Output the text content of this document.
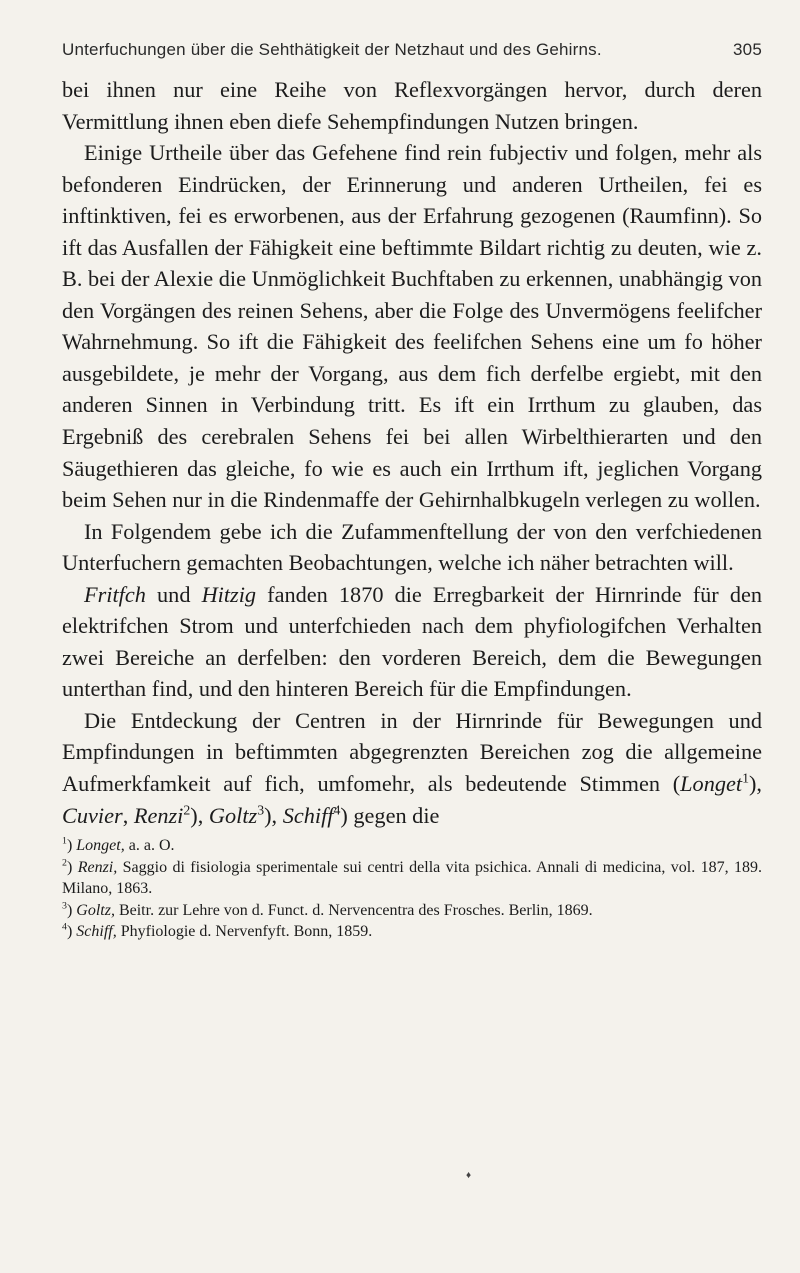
Unterfuchungen über die Sehthätigkeit der Netzhaut und des Gehirns.	305

bei ihnen nur eine Reihe von Reflexvorgängen hervor, durch deren Vermittlung ihnen eben diefe Sehempfindungen Nutzen bringen.

Einige Urtheile über das Gefehene find rein fubjectiv und folgen, mehr als befonderen Eindrücken, der Erinnerung und anderen Urtheilen, fei es inftinktiven, fei es erworbenen, aus der Erfahrung gezogenen (Raumfinn). So ift das Ausfallen der Fähigkeit eine beftimmte Bildart richtig zu deuten, wie z. B. bei der Alexie die Unmöglichkeit Buchftaben zu erkennen, unabhängig von den Vorgängen des reinen Sehens, aber die Folge des Unvermögens feelifcher Wahrnehmung. So ift die Fähigkeit des feelifchen Sehens eine um fo höher ausgebildete, je mehr der Vorgang, aus dem fich derfelbe ergiebt, mit den anderen Sinnen in Verbindung tritt. Es ift ein Irrthum zu glauben, das Ergebniß des cerebralen Sehens fei bei allen Wirbelthierarten und den Säugethieren das gleiche, fo wie es auch ein Irrthum ift, jeglichen Vorgang beim Sehen nur in die Rindenmaffe der Gehirnhalbkugeln verlegen zu wollen.

In Folgendem gebe ich die Zufammenftellung der von den verfchiedenen Unterfuchern gemachten Beobachtungen, welche ich näher betrachten will.

Fritfch und Hitzig fanden 1870 die Erregbarkeit der Hirnrinde für den elektrifchen Strom und unterfchieden nach dem phyfiologifchen Verhalten zwei Bereiche an derfelben: den vorderen Bereich, dem die Bewegungen unterthan find, und den hinteren Bereich für die Empfindungen.

Die Entdeckung der Centren in der Hirnrinde für Bewegungen und Empfindungen in beftimmten abgegrenzten Bereichen zog die allgemeine Aufmerkfamkeit auf fich, umfomehr, als bedeutende Stimmen (Longet$^1$), Cuvier, Renzi$^2$), Goltz$^3$), Schiff$^4$) gegen die

$^1$) Longet, a. a. O.

$^2$) Renzi, Saggio di fisiologia sperimentale sui centri della vita psichica. Annali di medicina, vol. 187, 189. Milano, 1863.

$^3$) Goltz, Beitr. zur Lehre von d. Funct. d. Nervencentra des Frosches. Berlin, 1869.

$^4$) Schiff, Phyfiologie d. Nervenfyft. Bonn, 1859.

♦
